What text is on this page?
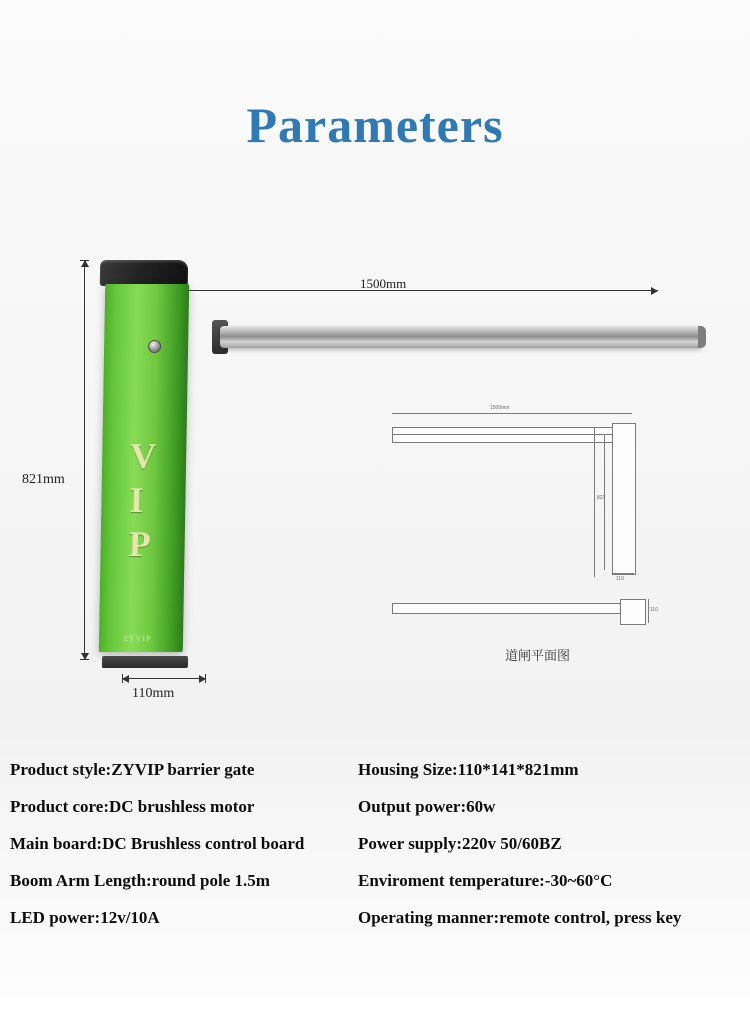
Parameters
821mm
1500mm
V
I
P
ZYVIP
110mm
1500mm
821
110
110
道闸平面图
Product style:ZYVIP barrier gate
Product core:DC brushless motor
Main board:DC Brushless control board
Boom Arm Length:round pole 1.5m
LED power:12v/10A
Housing Size:110*141*821mm
Output power:60w
Power supply:220v 50/60BZ
Enviroment temperature:-30~60°C
Operating manner:remote control, press key
